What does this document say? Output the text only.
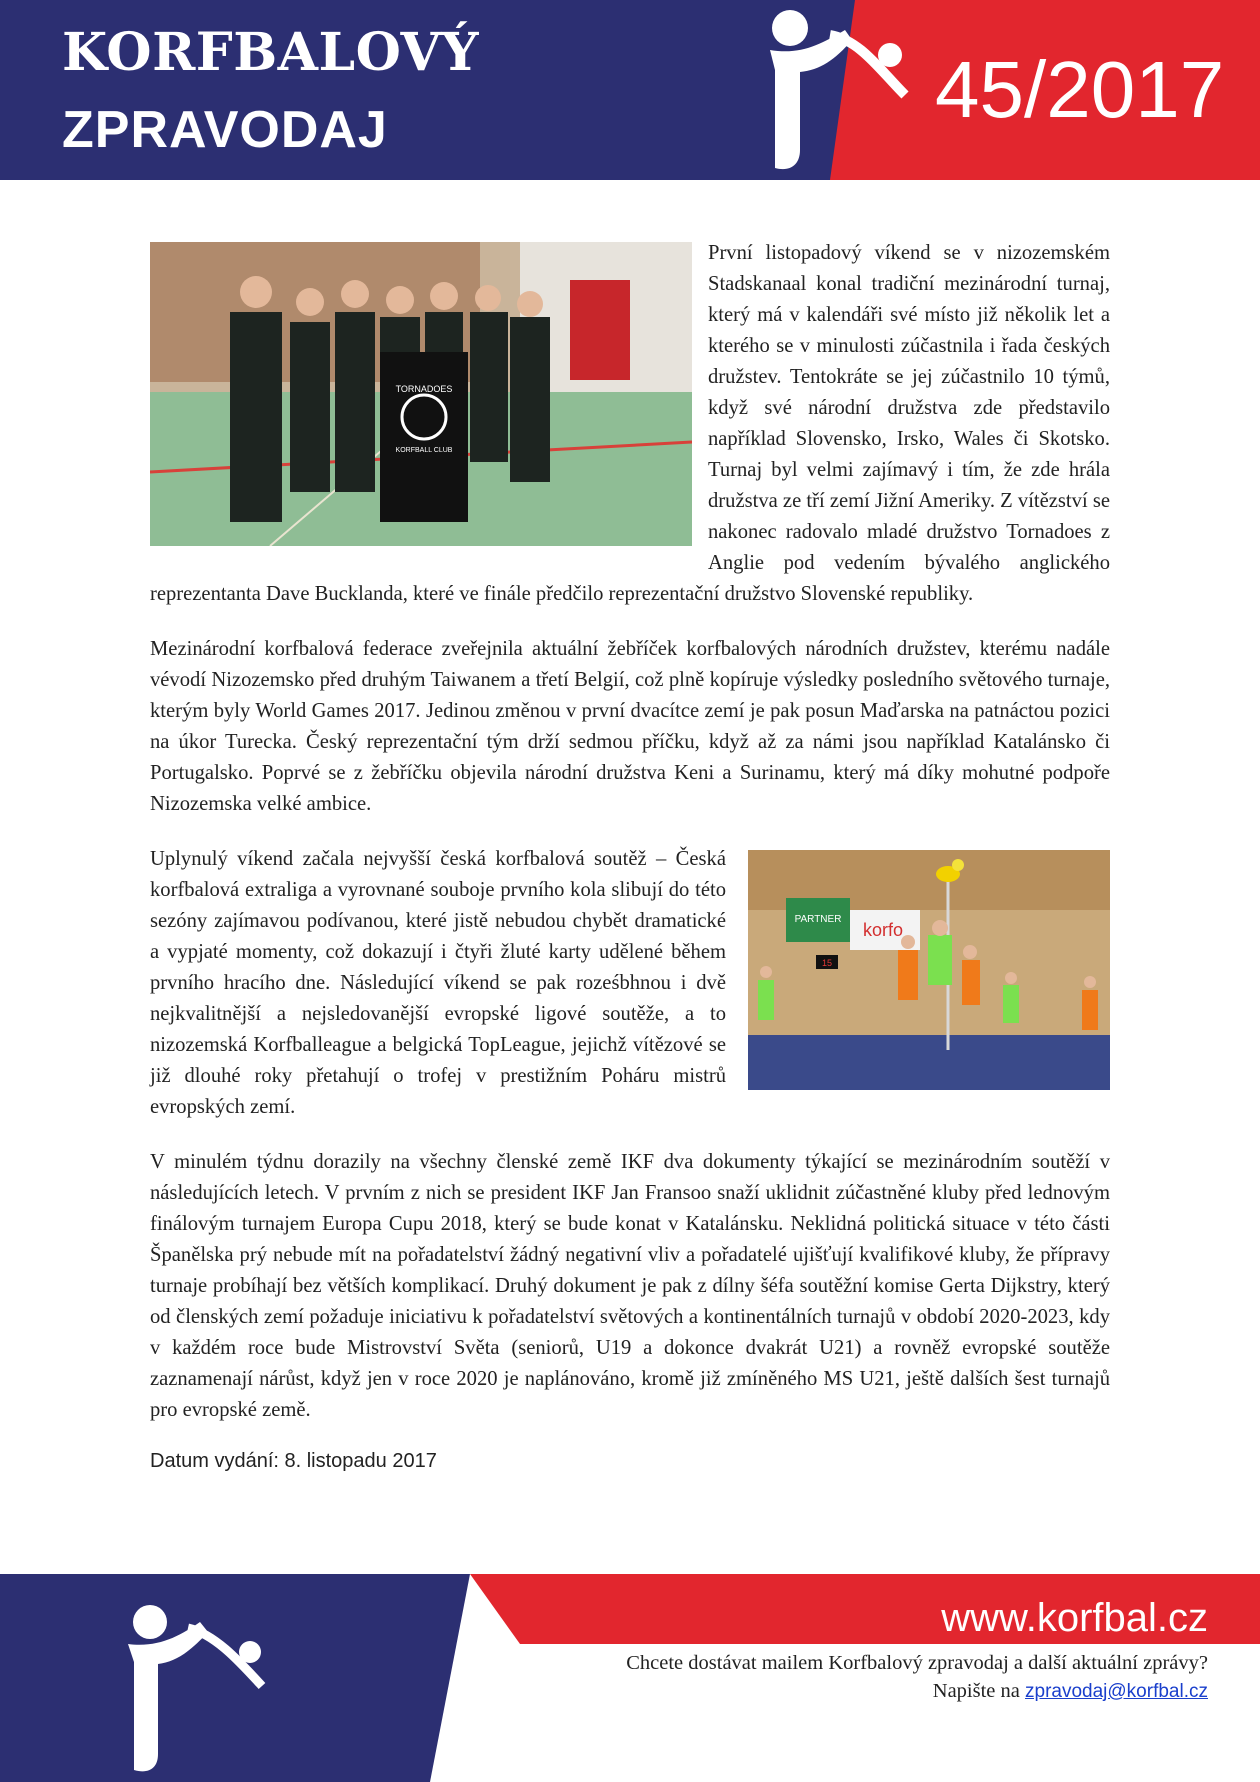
KORFBALOVÝ
ZPRAVODAJ	45/2017

TORNADOES
KORFBALL CLUB
První listopadový víkend se v nizozemském Stadskanaal konal tradiční mezinárodní turnaj, který má v kalendáři své místo již několik let a kterého se v minulosti zúčastnila i řada českých družstev. Tentokráte se jej zúčastnilo 10 týmů, když své národní družstva zde představilo například Slovensko, Irsko, Wales či Skotsko. Turnaj byl velmi zajímavý i tím, že zde hrála družstva ze tří zemí Jižní Ameriky. Z vítězství se nakonec radovalo mladé družstvo Tornadoes z Anglie pod vedením bývalého anglického reprezentanta Dave Bucklanda, které ve finále předčilo reprezentační družstvo Slovenské republiky.

Mezinárodní korfbalová federace zveřejnila aktuální žebříček korfbalových národních družstev, kterému nadále vévodí Nizozemsko před druhým Taiwanem a třetí Belgií, což plně kopíruje výsledky posledního světového turnaje, kterým byly World Games 2017. Jedinou změnou v první dvacítce zemí je pak posun Maďarska na patnáctou pozici na úkor Turecka. Český reprezentační tým drží sedmou příčku, když až za námi jsou například Katalánsko či Portugalsko. Poprvé se z žebříčku objevila národní družstva Keni a Surinamu, který má díky mohutné podpoře Nizozemska velké ambice.

PARTNER
korfo
15
Uplynulý víkend začala nejvyšší česká korfbalová soutěž – Česká korfbalová extraliga a vyrovnané souboje prvního kola slibují do této sezóny zajímavou podívanou, které jistě nebudou chybět dramatické a vypjaté momenty, což dokazují i čtyři žluté karty udělené během prvního hracího dne. Následující víkend se pak roześbhnou i dvě nejkvalitnější a nejsledovanější evropské ligové soutěže, a to nizozemská Korfballeague a belgická TopLeague, jejichž vítězové se již dlouhé roky přetahují o trofej v prestižním Poháru mistrů evropských zemí.

V minulém týdnu dorazily na všechny členské země IKF dva dokumenty týkající se mezinárodním soutěží v následujících letech. V prvním z nich se president IKF Jan Fransoo snaží uklidnit zúčastněné kluby před lednovým finálovým turnajem Europa Cupu 2018, který se bude konat v Katalánsku. Neklidná politická situace v této části Španělska prý nebude mít na pořadatelství žádný negativní vliv a pořadatelé ujišťují kvalifikové kluby, že přípravy turnaje probíhají bez větších komplikací. Druhý dokument je pak z dílny šéfa soutěžní komise Gerta Dijkstry, který od členských zemí požaduje iniciativu k pořadatelství světových a kontinentálních turnajů v období 2020-2023, kdy v každém roce bude Mistrovství Světa (seniorů, U19 a dokonce dvakrát U21) a rovněž evropské soutěže zaznamenají nárůst, když jen v roce 2020 je naplánováno, kromě již zmíněného MS U21, ještě dalších šest turnajů pro evropské země.

Datum vydání: 8. listopadu 2017

www.korfbal.cz

Chcete dostávat mailem Korfbalový zpravodaj a další aktuální zprávy?

Napište na zpravodaj@korfbal.cz
